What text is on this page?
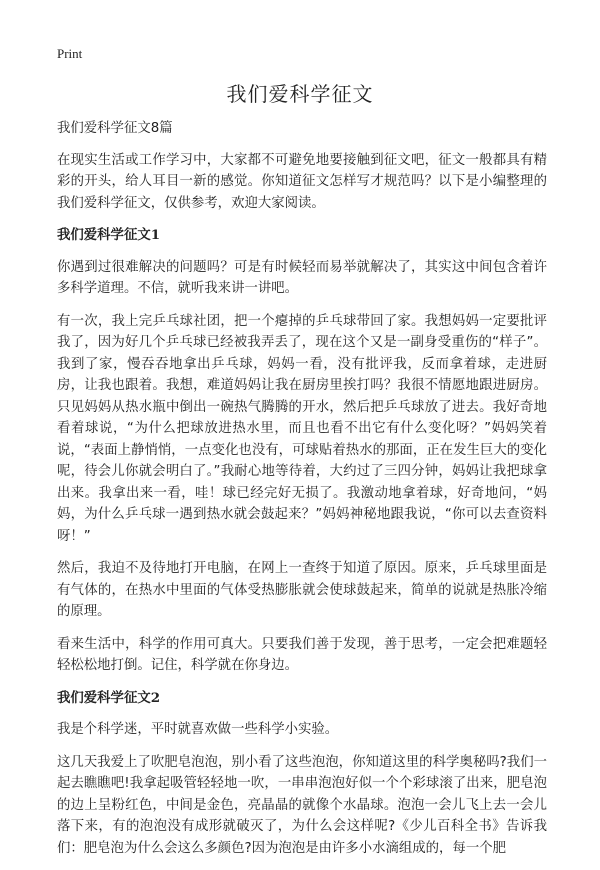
Print
我们爱科学征文

我们爱科学征文8篇

在现实生活或工作学习中，大家都不可避免地要接触到征文吧，征文一般都具有精彩的开头，给人耳目一新的感觉。你知道征文怎样写才规范吗？以下是小编整理的我们爱科学征文，仅供参考，欢迎大家阅读。

我们爱科学征文1

你遇到过很难解决的问题吗？可是有时候轻而易举就解决了，其实这中间包含着许多科学道理。不信，就听我来讲一讲吧。

有一次，我上完乒乓球社团，把一个瘪掉的乒乓球带回了家。我想妈妈一定要批评我了，因为好几个乒乓球已经被我弄丢了，现在这个又是一副身受重伤的“样子”。我到了家，慢吞吞地拿出乒乓球，妈妈一看，没有批评我，反而拿着球，走进厨房，让我也跟着。我想，难道妈妈让我在厨房里挨打吗？我很不情愿地跟进厨房。只见妈妈从热水瓶中倒出一碗热气腾腾的开水，然后把乒乓球放了进去。我好奇地看着球说，“为什么把球放进热水里，而且也看不出它有什么变化呀？”妈妈笑着说，“表面上静悄悄，一点变化也没有，可球贴着热水的那面，正在发生巨大的变化呢，待会儿你就会明白了。”我耐心地等待着，大约过了三四分钟，妈妈让我把球拿出来。我拿出来一看，哇！球已经完好无损了。我激动地拿着球，好奇地问，“妈妈，为什么乒乓球一遇到热水就会鼓起来？”妈妈神秘地跟我说，“你可以去查资料呀！”

然后，我迫不及待地打开电脑，在网上一查终于知道了原因。原来，乒乓球里面是有气体的，在热水中里面的气体受热膨胀就会使球鼓起来，简单的说就是热胀冷缩的原理。

看来生活中，科学的作用可真大。只要我们善于发现，善于思考，一定会把难题轻轻松松地打倒。记住，科学就在你身边。

我们爱科学征文2

我是个科学迷，平时就喜欢做一些科学小实验。

这几天我爱上了吹肥皂泡泡，别小看了这些泡泡，你知道这里的科学奥秘吗?我们一起去瞧瞧吧!我拿起吸管轻轻地一吹，一串串泡泡好似一个个彩球滚了出来，肥皂泡的边上呈粉红色，中间是金色，亮晶晶的就像个水晶球。泡泡一会儿飞上去一会儿落下来，有的泡泡没有成形就破灭了，为什么会这样呢?《少儿百科全书》告诉我们：肥皂泡为什么会这么多颜色?因为泡泡是由许多小水滴组成的，每一个肥
